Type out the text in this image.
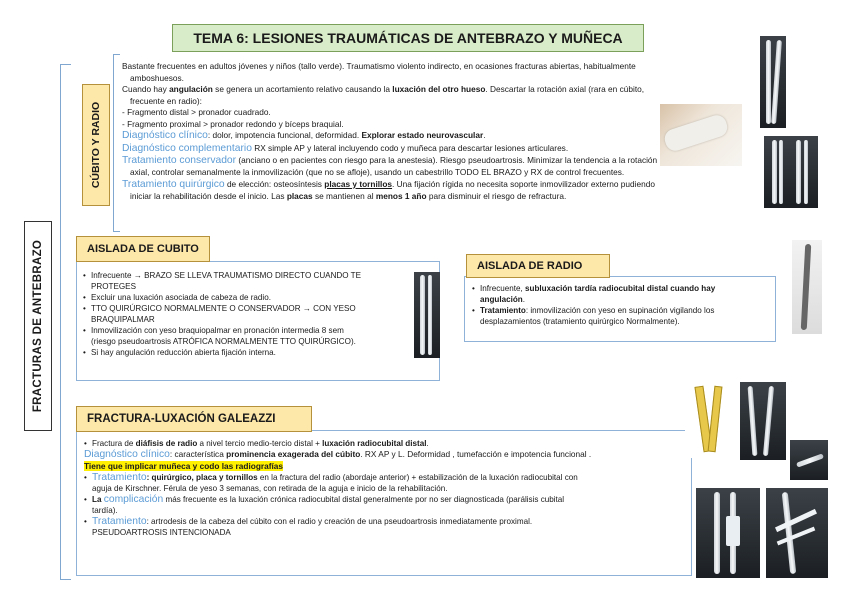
TEMA 6: LESIONES TRAUMÁTICAS DE ANTEBRAZO Y MUÑECA
FRACTURAS DE ANTEBRAZO
CÚBITO Y RADIO

Bastante frecuentes en adultos jóvenes y niños (tallo verde). Traumatismo violento indirecto, en ocasiones fracturas abiertas, habitualmente

amboshuesos.

Cuando hay angulación se genera un acortamiento relativo causando la luxación del otro hueso. Descartar la rotación axial (rara en cúbito,

frecuente en radio):

- Fragmento distal > pronador cuadrado.

- Fragmento proximal > pronador redondo y bíceps braquial.

Diagnóstico clínico: dolor, impotencia funcional, deformidad. Explorar estado neurovascular.

Diagnóstico complementario RX simple AP y lateral incluyendo codo y muñeca para descartar lesiones articulares.

Tratamiento conservador (anciano o en pacientes con riesgo para la anestesia). Riesgo pseudoartrosis. Minimizar la tendencia a la rotación

axial, controlar semanalmente la inmovilización (que no se afloje), usando un cabestrillo TODO EL BRAZO y RX de control frecuentes.

Tratamiento quirúrgico de elección: osteosíntesis placas y tornillos. Una fijación rígida no necesita soporte inmovilizador externo pudiendo

iniciar la rehabilitación desde el inicio. Las placas se mantienen al menos 1 año para disminuir el riesgo de refractura.

AISLADA DE CUBITO
• Infrecuente → BRAZO SE LLEVA TRAUMATISMO DIRECTO CUANDO TE
PROTEGES
• Excluir una luxación asociada de cabeza de radio.
• TTO QUIRÚRGICO NORMALMENTE O CONSERVADOR → CON YESO
BRAQUIPALMAR
• Inmovilización con yeso braquiopalmar en pronación intermedia 8 sem
(riesgo pseudoartrosis ATRÓFICA NORMALMENTE TTO QUIRÚRGICO).
• Si hay angulación reducción abierta fijación interna.
AISLADA DE RADIO
• Infrecuente, subluxación tardía radiocubital distal cuando hay
angulación.
• Tratamiento: inmovilización con yeso en supinación vigilando los
desplazamientos (tratamiento quirúrgico Normalmente).
FRACTURA-LUXACIÓN GALEAZZI
• Fractura de diáfisis de radio a nivel tercio medio-tercio distal + luxación radiocubital distal.

Diagnóstico clínico: característica prominencia exagerada del cúbito. RX AP y L. Deformidad , tumefacción e impotencia funcional .

Tiene que implicar muñeca y codo las radiografías

• Tratamiento: quirúrgico, placa y tornillos en la fractura del radio (abordaje anterior) + estabilización de la luxación radiocubital con
aguja de Kirschner. Férula de yeso 3 semanas, con retirada de la aguja e inicio de la rehabilitación.
• La complicación más frecuente es la luxación crónica radiocubital distal generalmente por no ser diagnosticada (parálisis cubital
tardía).
• Tratamiento: artrodesis de la cabeza del cúbito con el radio y creación de una pseudoartrosis inmediatamente proximal.
PSEUDOARTROSIS INTENCIONADA
